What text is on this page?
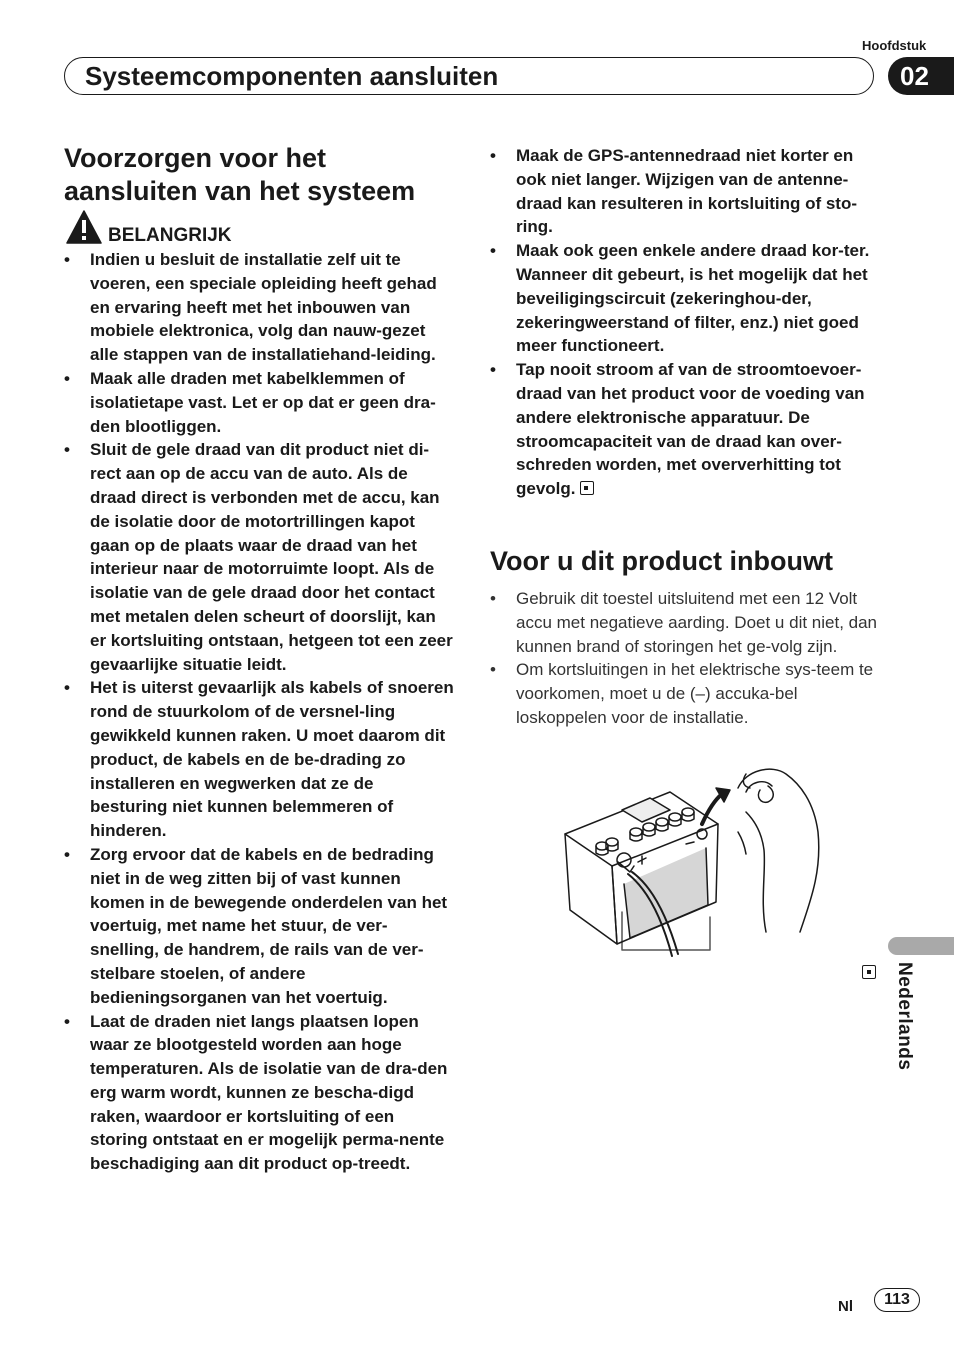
Hoofdstuk
Systeemcomponenten aansluiten	02
Voorzorgen voor het
aansluiten van het systeem
BELANGRIJK
• Indien u besluit de installatie zelf uit te voeren, een speciale opleiding heeft gehad en ervaring heeft met het inbouwen van mobiele elektronica, volg dan nauw-gezet alle stappen van de installatiehand-leiding.
• Maak alle draden met kabelklemmen of isolatietape vast. Let er op dat er geen dra-den blootliggen.
• Sluit de gele draad van dit product niet di-rect aan op de accu van de auto. Als de draad direct is verbonden met de accu, kan de isolatie door de motortrillingen kapot gaan op de plaats waar de draad van het interieur naar de motorruimte loopt. Als de isolatie van de gele draad door het contact met metalen delen scheurt of doorslijt, kan er kortsluiting ontstaan, hetgeen tot een zeer gevaarlijke situatie leidt.
• Het is uiterst gevaarlijk als kabels of snoeren rond de stuurkolom of de versnel-ling gewikkeld kunnen raken. U moet daarom dit product, de kabels en de be-drading zo installeren en wegwerken dat ze de besturing niet kunnen belemmeren of hinderen.
• Zorg ervoor dat de kabels en de bedrading niet in de weg zitten bij of vast kunnen komen in de bewegende onderdelen van het voertuig, met name het stuur, de ver-snelling, de handrem, de rails van de ver-stelbare stoelen, of andere bedieningsorganen van het voertuig.
• Laat de draden niet langs plaatsen lopen waar ze blootgesteld worden aan hoge temperaturen. Als de isolatie van de dra-den erg warm wordt, kunnen ze bescha-digd raken, waardoor er kortsluiting of een storing ontstaat en er mogelijk perma-nente beschadiging aan dit product op-treedt.
• Maak de GPS-antennedraad niet korter en ook niet langer. Wijzigen van de antenne-draad kan resulteren in kortsluiting of sto-ring.
• Maak ook geen enkele andere draad kor-ter. Wanneer dit gebeurt, is het mogelijk dat het beveiligingscircuit (zekeringhou-der, zekeringweerstand of filter, enz.) niet goed meer functioneert.
• Tap nooit stroom af van de stroomtoevoer-draad van het product voor de voeding van andere elektronische apparatuur. De stroomcapaciteit van de draad kan over-schreden worden, met oververhitting tot gevolg.
Voor u dit product inbouwt
• Gebruik dit toestel uitsluitend met een 12 Volt accu met negatieve aarding. Doet u dit niet, dan kunnen brand of storingen het ge-volg zijn.
• Om kortsluitingen in het elektrische sys-teem te voorkomen, moet u de (–) accuka-bel loskoppelen voor de installatie.
Nederlands
Nl	113
